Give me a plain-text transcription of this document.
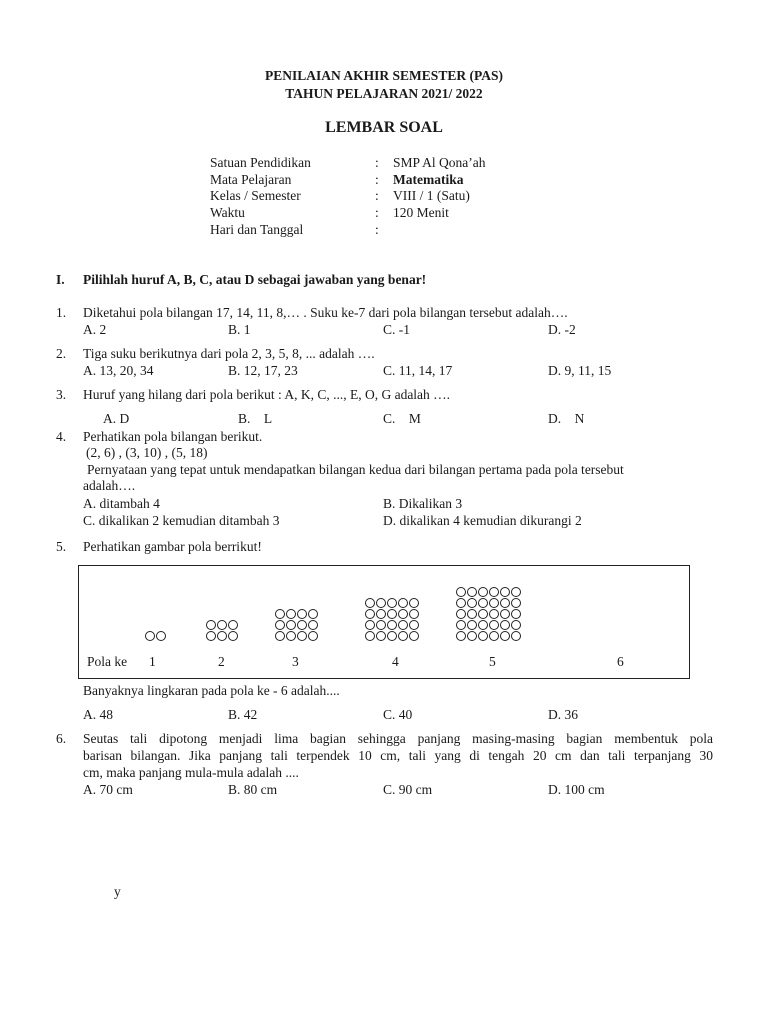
PENILAIAN AKHIR SEMESTER (PAS)
TAHUN PELAJARAN 2021/ 2022
LEMBAR SOAL
Satuan Pendidikan	: SMP Al Qona’ah
Mata Pelajaran	: Matematika
Kelas / Semester	: VIII / 1 (Satu)
Waktu	: 120 Menit
Hari dan Tanggal	:
I. Pilihlah huruf A, B, C, atau D sebagai jawaban yang benar!
1. Diketahui pola bilangan 17, 14, 11, 8,… . Suku ke-7 dari pola bilangan tersebut adalah….
A. 2	B. 1	C. -1	D. -2
2. Tiga suku berikutnya dari pola 2, 3, 5, 8, ... adalah ….
A. 13, 20, 34	B. 12, 17, 23	C. 11, 14, 17	D. 9, 11, 15
3. Huruf yang hilang dari pola berikut : A, K, C, ..., E, O, G adalah ….
A. D	B.    L	C.    M	D.    N
4. Perhatikan pola bilangan berikut.
(2, 6) , (3, 10) , (5, 18)
Pernyataan yang tepat untuk mendapatkan bilangan kedua dari bilangan pertama pada pola tersebut
adalah….
A. ditambah 4	B. Dikalikan 3
C. dikalikan 2 kemudian ditambah 3	D. dikalikan 4 kemudian dikurangi 2
5. Perhatikan gambar pola berrikut!
Pola ke 1	2	3	4	5	6
Banyaknya lingkaran pada pola ke - 6 adalah....
A. 48	B. 42	C. 40	D. 36
6. Seutas tali dipotong menjadi lima bagian sehingga panjang masing-masing bagian membentuk pola
barisan bilangan. Jika panjang tali terpendek 10 cm, tali yang di tengah 20 cm dan tali terpanjang 30
cm, maka panjang mula-mula adalah ....
A. 70 cm	B. 80 cm	C. 90 cm	D. 100 cm
y
